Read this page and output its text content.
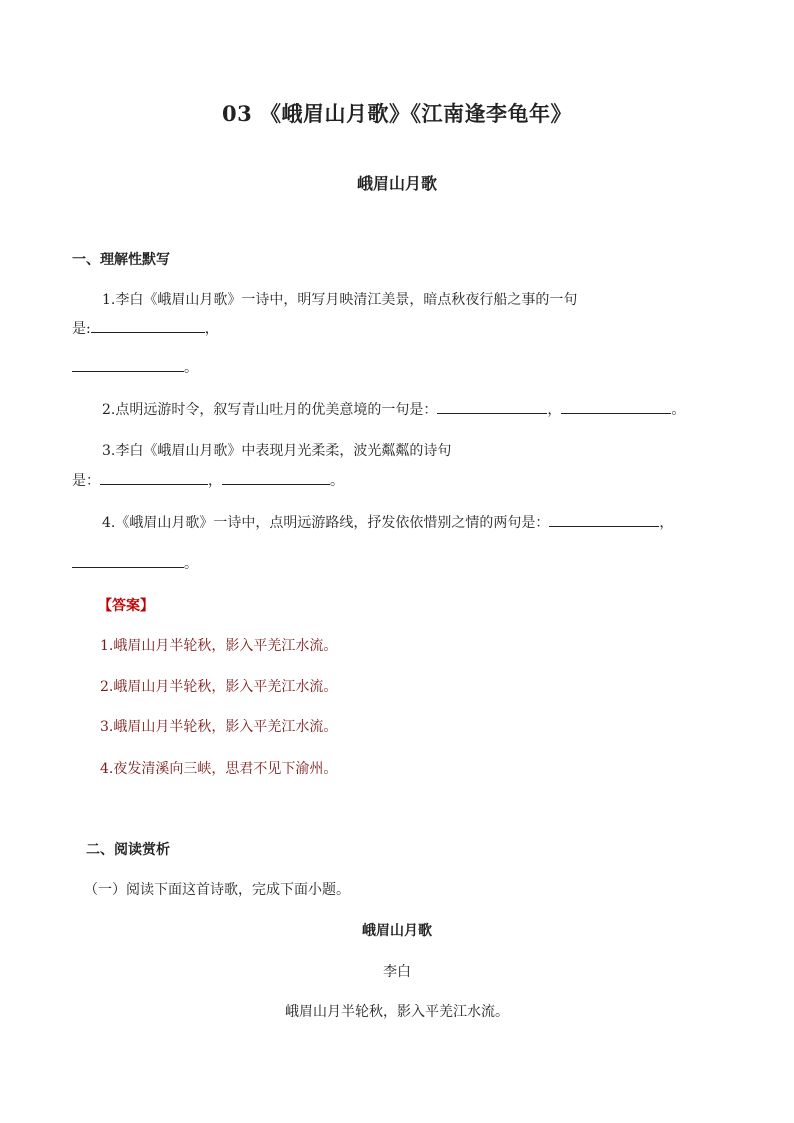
03 《峨眉山月歌》《江南逢李龟年》
峨眉山月歌
一、理解性默写
1.李白《峨眉山月歌》一诗中，明写月映清江美景，暗点秋夜行船之事的一句
是:	，
。
2.点明远游时令，叙写青山吐月的优美意境的一句是：	，	。
3.李白《峨眉山月歌》中表现月光柔柔，波光粼粼的诗句
是：	，	。
4.《峨眉山月歌》一诗中，点明远游路线，抒发依依惜别之情的两句是：	，
。
【答案】
1.峨眉山月半轮秋，影入平羌江水流。
2.峨眉山月半轮秋，影入平羌江水流。
3.峨眉山月半轮秋，影入平羌江水流。
4.夜发清溪向三峡，思君不见下渝州。
二、阅读赏析
（一）阅读下面这首诗歌，完成下面小题。
峨眉山月歌
李白
峨眉山月半轮秋，影入平羌江水流。
